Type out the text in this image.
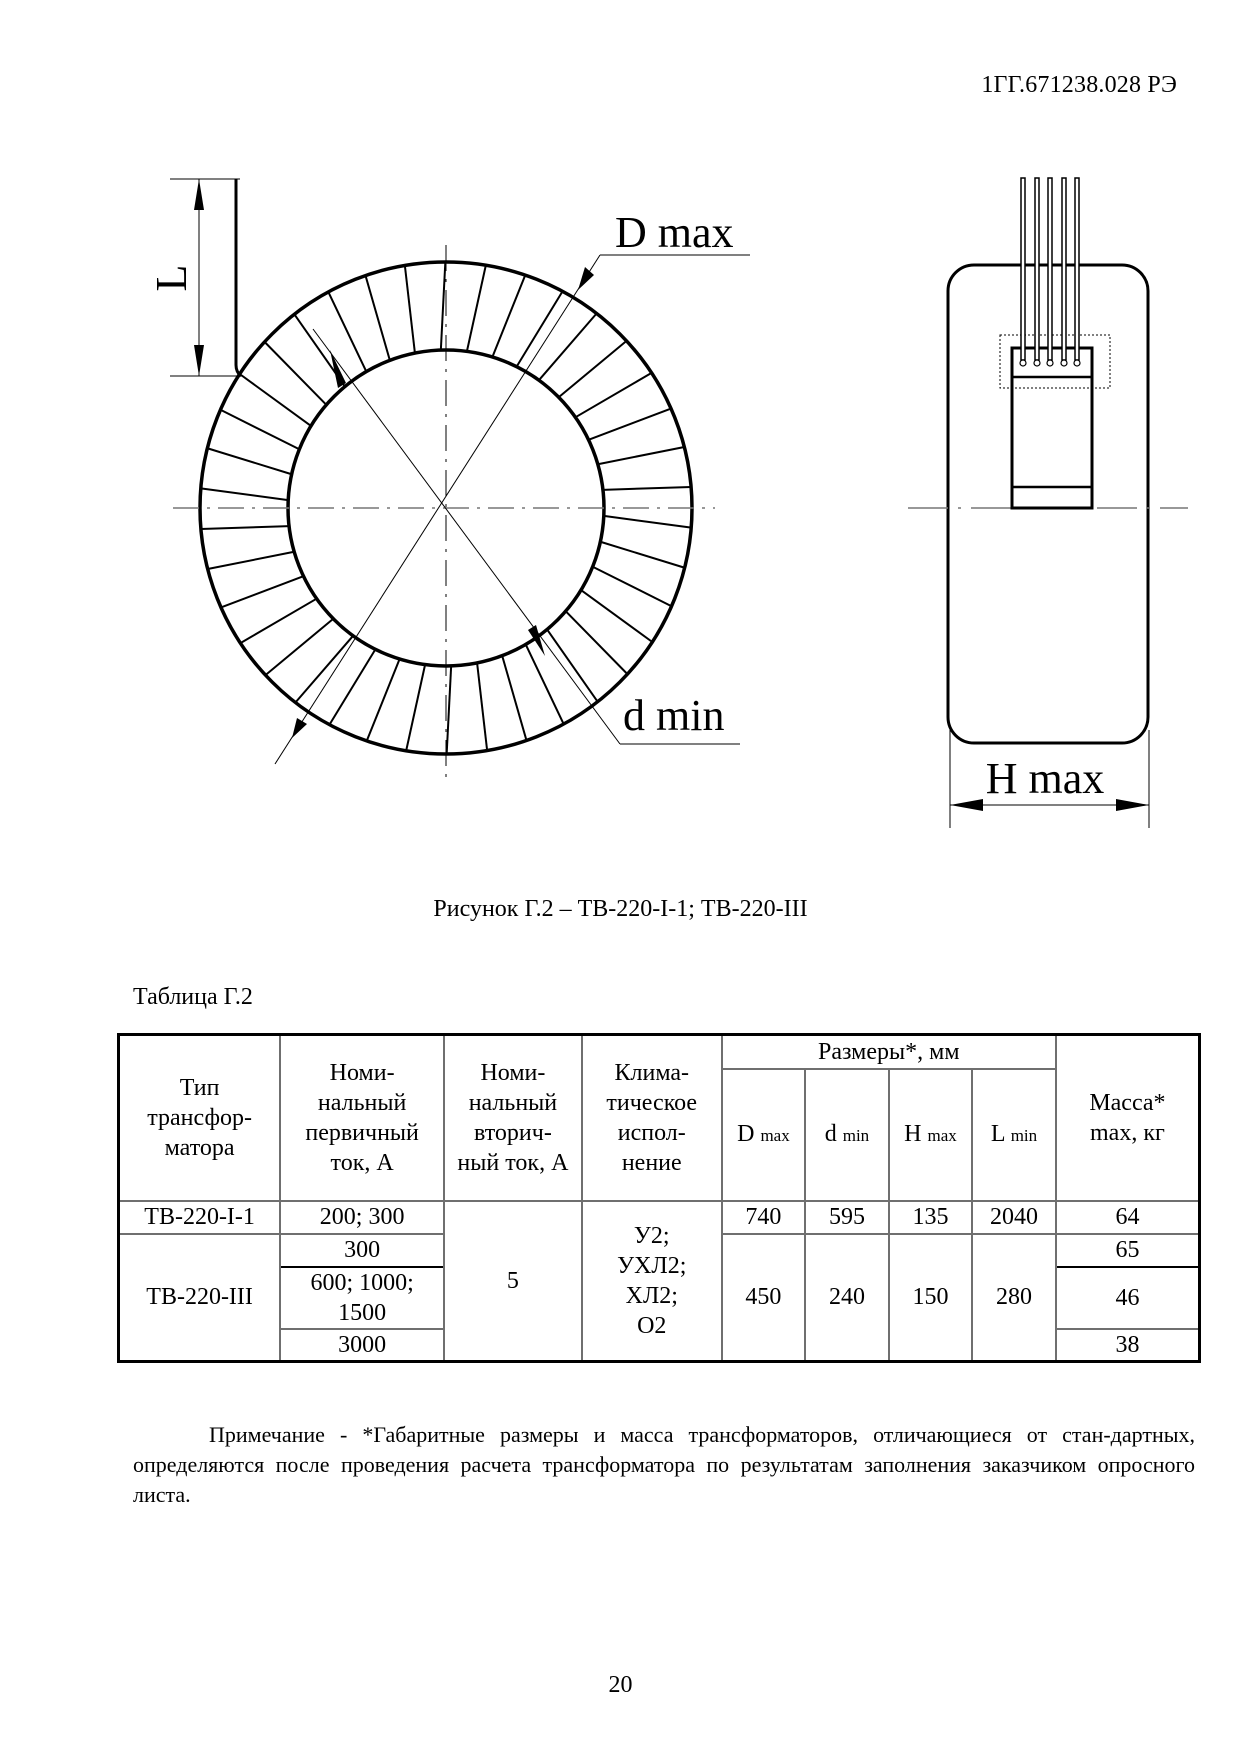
1ГГ.671238.028 РЭ
L
D max
d min
H max
Рисунок Г.2 – ТВ-220-I-1; ТВ-220-III
Таблица Г.2
Тип трансфор-матора	Номи-нальный первичный ток, А	Номи-нальный вторич-ный ток, А	Клима-тическое испол-нение	Размеры*, мм				Масса* max, кг
				D max	d min	H max	L min	
ТВ-220-I-1	200; 300	5	У2; УХЛ2; ХЛ2; О2	740	595	135	2040	64
ТВ-220-III	300			450	240	150	280	65
	600; 1000; 1500							46
	3000							38
Примечание - *Габаритные размеры и масса трансформаторов, отличающиеся от стан-дартных, определяются после проведения расчета трансформатора по результатам заполнения заказчиком опросного листа.
20
